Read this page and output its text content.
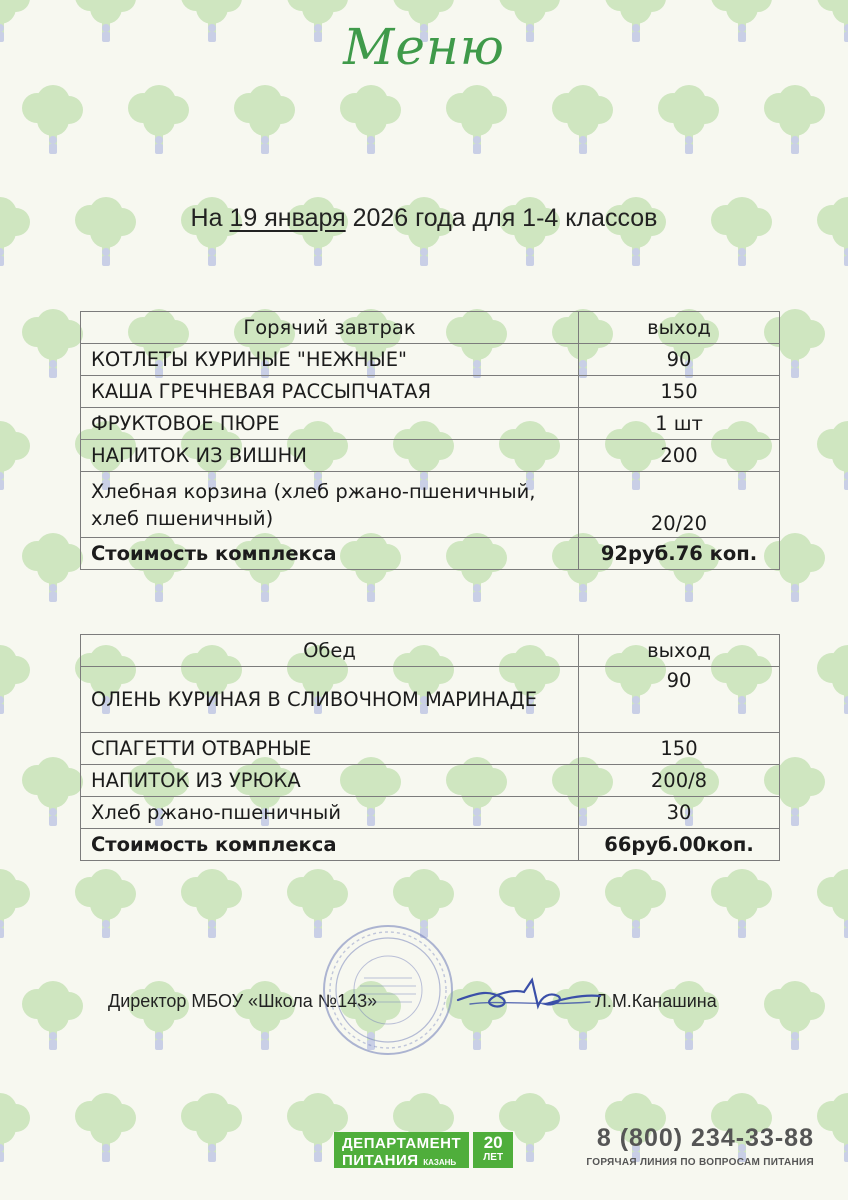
Меню
На 19 января 2026 года для 1-4 классов
Горячий завтрак	выход
КОТЛЕТЫ КУРИНЫЕ "НЕЖНЫЕ"	90
КАША ГРЕЧНЕВАЯ РАССЫПЧАТАЯ	150
ФРУКТОВОЕ ПЮРЕ	1 шт
НАПИТОК ИЗ ВИШНИ	200
Хлебная корзина (хлеб ржано-пшеничный, хлеб пшеничный)	20/20
Стоимость комплекса	92руб.76 коп.
Обед	выход
ОЛЕНЬ КУРИНАЯ В СЛИВОЧНОМ МАРИНАДЕ	90
СПАГЕТТИ ОТВАРНЫЕ	150
НАПИТОК ИЗ УРЮКА	200/8
Хлеб ржано-пшеничный	30
Стоимость комплекса	66руб.00коп.
Директор МБОУ «Школа №143»	Л.М.Канашина
ДЕПАРТАМЕНТ
ПИТАНИЯ КАЗАНЬ
20
ЛЕТ
8 (800) 234-33-88
ГОРЯЧАЯ ЛИНИЯ ПО ВОПРОСАМ ПИТАНИЯ
